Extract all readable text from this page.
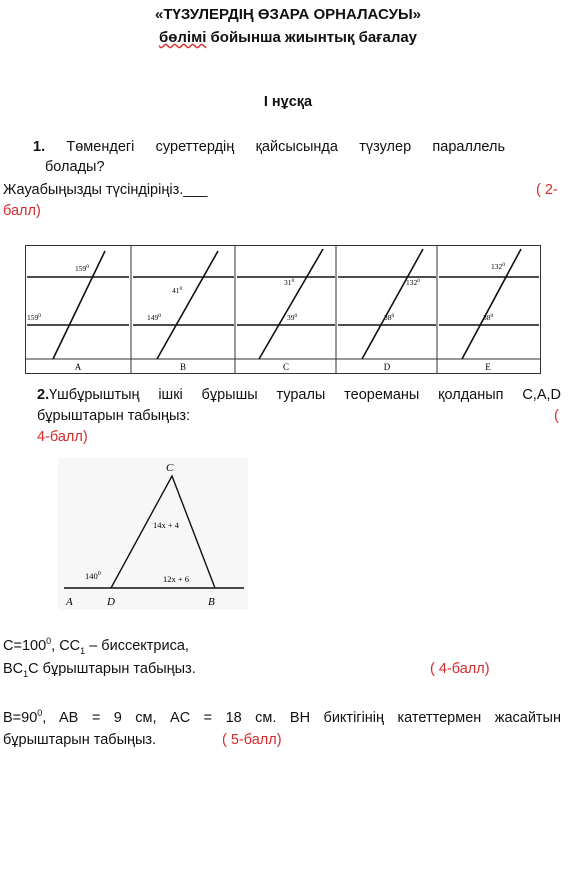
«ТҮЗУЛЕРДІҢ ӨЗАРА ОРНАЛАСУЫ»
бөлімі бойынша жиынтық бағалау
I нұсқа
1. Төмендегі суреттердің қайсысында түзулер параллель
болады?
Жауабыңызды түсіндіріңіз.___	( 2-
балл)
$159^0$
$159^0$
A
$41^0$
$149^0$
B
$31^0$
$39^0$
C
$132^0$
$38^0$
D
$132^0$
$38^0$
E
2.Үшбұрыштың ішкі бұрышы туралы теореманы қолданып C,A,D
бұрыштарын табыңыз:	(
4-балл)
C
A	D	B
14x + 4
12x + 6
$140^0$
$C=100^0$, $CC_1$ – биссектриса,
$BC_1C$ бұрыштарын табыңыз.	( 4-балл)
$B=90^0$, AB = 9 см, AC = 18 см. ВН биктігінің катеттермен жасайтын
бұрыштарын табыңыз.	( 5-балл)
